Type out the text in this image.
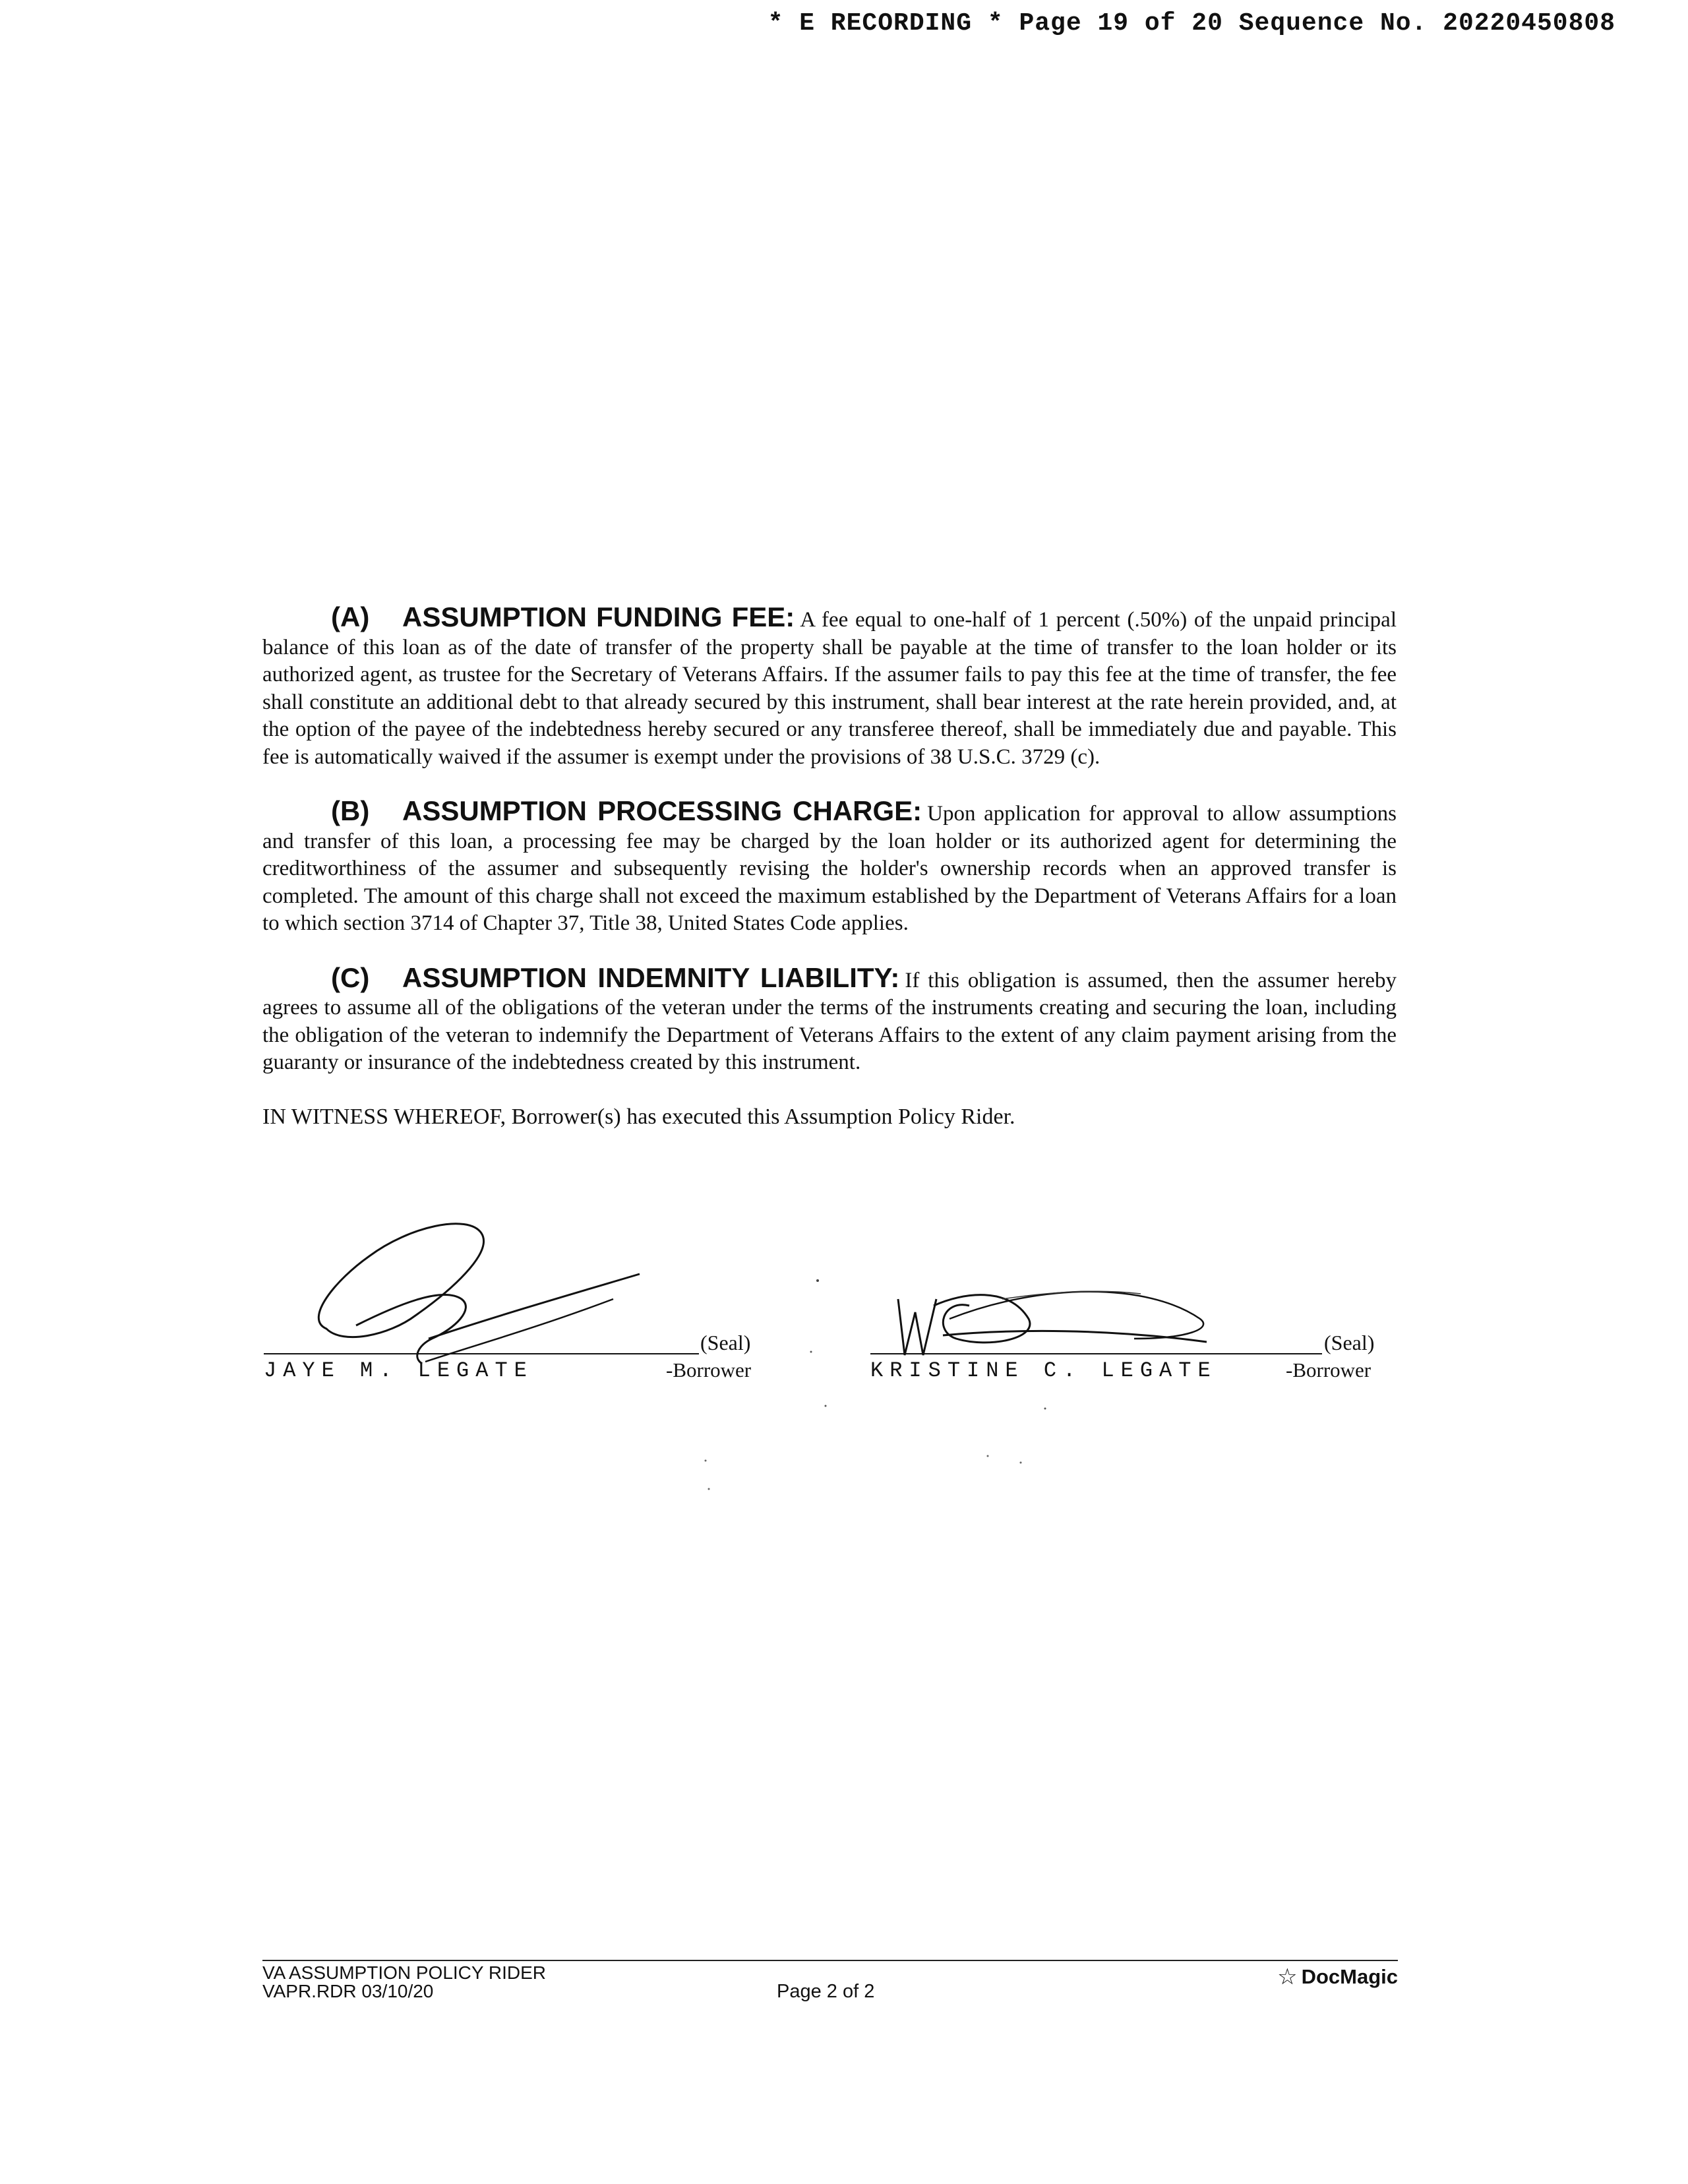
* E RECORDING * Page 19 of 20 Sequence No. 20220450808

(A) ASSUMPTION FUNDING FEE: A fee equal to one-half of 1 percent (.50%) of the unpaid principal balance of this loan as of the date of transfer of the property shall be payable at the time of transfer to the loan holder or its authorized agent, as trustee for the Secretary of Veterans Affairs. If the assumer fails to pay this fee at the time of transfer, the fee shall constitute an additional debt to that already secured by this instrument, shall bear interest at the rate herein provided, and, at the option of the payee of the indebtedness hereby secured or any transferee thereof, shall be immediately due and payable. This fee is automatically waived if the assumer is exempt under the provisions of 38 U.S.C. 3729 (c).

(B) ASSUMPTION PROCESSING CHARGE: Upon application for approval to allow assumptions and transfer of this loan, a processing fee may be charged by the loan holder or its authorized agent for determining the creditworthiness of the assumer and subsequently revising the holder's ownership records when an approved transfer is completed. The amount of this charge shall not exceed the maximum established by the Department of Veterans Affairs for a loan to which section 3714 of Chapter 37, Title 38, United States Code applies.

(C) ASSUMPTION INDEMNITY LIABILITY: If this obligation is assumed, then the assumer hereby agrees to assume all of the obligations of the veteran under the terms of the instruments creating and securing the loan, including the obligation of the veteran to indemnify the Department of Veterans Affairs to the extent of any claim payment arising from the guaranty or insurance of the indebtedness created by this instrument.

IN WITNESS WHEREOF, Borrower(s) has executed this Assumption Policy Rider.
(Seal)
JAYE M. LEGATE	-Borrower
(Seal)
KRISTINE C. LEGATE	-Borrower
VA ASSUMPTION POLICY RIDER
VAPR.RDR 03/10/20	Page 2 of 2
☆ DocMagic
